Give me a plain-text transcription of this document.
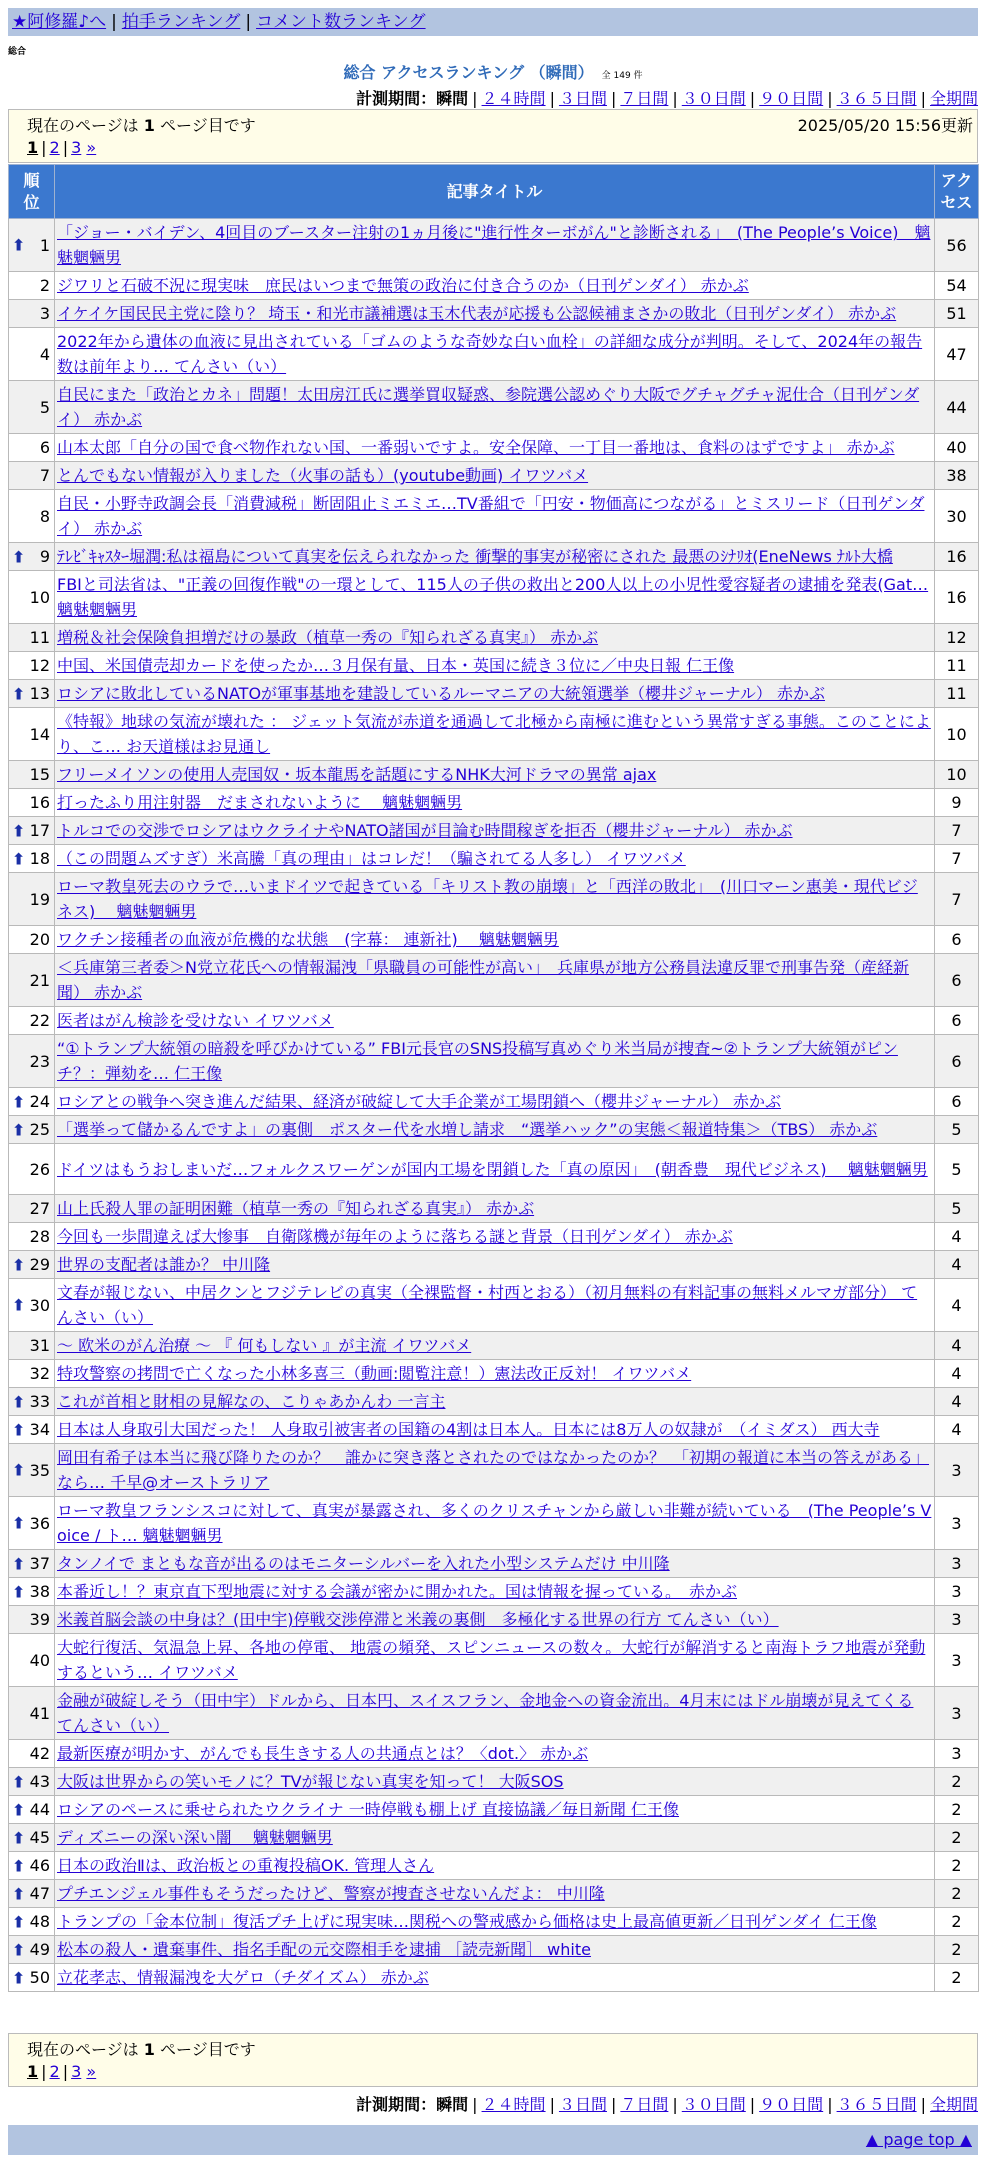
★阿修羅♪へ | 拍手ランキング | コメント数ランキング
総合
総合 アクセスランキング （瞬間） 全 149 件
計測期間：瞬間 | ２４時間 | ３日間 | ７日間 | ３０日間 | ９０日間 | ３６５日間 | 全期間
現在のページは 1 ページ目です	2025/05/20 15:56更新
1 | 2 | 3 »
順位	記事タイトル	アクセス

⬆ 1	「ジョー・バイデン、4回目のブースター注射の1ヵ月後に"進行性ターボがん"と診断される」　(The People’s Voice)　魑魅魍魎男	56
2	ジワリと石破不況に現実味　庶民はいつまで無策の政治に付き合うのか（日刊ゲンダイ） 赤かぶ	54
3	イケイケ国民民主党に陰り？ 埼玉・和光市議補選は玉木代表が応援も公認候補まさかの敗北（日刊ゲンダイ） 赤かぶ	51
4	2022年から遺体の血液に見出されている「ゴムのような奇妙な白い血栓」の詳細な成分が判明。そして、2024年の報告数は前年より… てんさい（い）	47
5	自民にまた「政治とカネ」問題！太田房江氏に選挙買収疑惑、参院選公認めぐり大阪でグチャグチャ泥仕合（日刊ゲンダイ） 赤かぶ	44
6	山本太郎「自分の国で食べ物作れない国、一番弱いですよ。安全保障、一丁目一番地は、食料のはずですよ」 赤かぶ	40
7	とんでもない情報が入りました（火事の話も）(youtube動画) イワツバメ	38
8	自民・小野寺政調会長「消費減税」断固阻止ミエミエ…TV番組で「円安・物価高につながる」とミスリード（日刊ゲンダイ） 赤かぶ	30

⬆ 9	ﾃﾚﾋﾞｷｬｽﾀｰ堀潤:私は福島について真実を伝えられなかった 衝撃的事実が秘密にされた 最悪のｼﾅﾘｵ(EneNews ﾅﾙﾄ大橋	16
10	FBIと司法省は、"正義の回復作戦"の一環として、115人の子供の救出と200人以上の小児性愛容疑者の逮捕を発表(Gat… 魑魅魍魎男	16
11	増税＆社会保険負担増だけの暴政（植草一秀の『知られざる真実』） 赤かぶ	12
12	中国、米国債売却カードを使ったか…３月保有量、日本・英国に続き３位に／中央日報 仁王像	11

⬆ 13	ロシアに敗北しているNATOが軍事基地を建設しているルーマニアの大統領選挙（櫻井ジャーナル） 赤かぶ	11
14	《特報》地球の気流が壊れた ： ジェット気流が赤道を通過して北極から南極に進むという異常すぎる事態。このことにより、こ… お天道様はお見通し	10
15	フリーメイソンの使用人売国奴・坂本龍馬を話題にするNHK大河ドラマの異常 ajax	10
16	打ったふり用注射器　だまされないように　 魑魅魍魎男	9

⬆ 17	トルコでの交渉でロシアはウクライナやNATO諸国が目論む時間稼ぎを拒否（櫻井ジャーナル） 赤かぶ	7

⬆ 18	（この問題ムズすぎ）米高騰「真の理由」はコレだ！（騙されてる人多し） イワツバメ	7
19	ローマ教皇死去のウラで…いまドイツで起きている「キリスト教の崩壊」と「西洋の敗北」　(川口マーン惠美・現代ビジネス)　 魑魅魍魎男	7
20	ワクチン接種者の血液が危機的な状態　(字幕： 連新社)　 魑魅魍魎男	6
21	＜兵庫第三者委＞N党立花氏への情報漏洩「県職員の可能性が高い」　兵庫県が地方公務員法違反罪で刑事告発（産経新聞） 赤かぶ	6
22	医者はがん検診を受けない イワツバメ	6
23	“①トランプ大統領の暗殺を呼びかけている” FBI元長官のSNS投稿写真めぐり米当局が捜査~②トランプ大統領がピンチ？：弾劾を… 仁王像	6

⬆ 24	ロシアとの戦争へ突き進んだ結果、経済が破綻して大手企業が工場閉鎖へ（櫻井ジャーナル） 赤かぶ	6

⬆ 25	「選挙って儲かるんですよ」の裏側　ポスター代を水増し請求　“選挙ハック”の実態＜報道特集＞（TBS） 赤かぶ	5
26	ドイツはもうおしまいだ…フォルクスワーゲンが国内工場を閉鎖した「真の原因」　(朝香豊　現代ビジネス)　 魑魅魍魎男	5
27	山上氏殺人罪の証明困難（植草一秀の『知られざる真実』） 赤かぶ	5
28	今回も一歩間違えば大惨事　自衛隊機が毎年のように落ちる謎と背景（日刊ゲンダイ） 赤かぶ	4

⬆ 29	世界の支配者は誰か？ 中川隆	4

⬆ 30	文春が報じない、中居クンとフジテレビの真実（全裸監督・村西とおる）（初月無料の有料記事の無料メルマガ部分） てんさい（い）	4
31	～ 欧米のがん治療 ～ 『 何もしない 』が主流 イワツバメ	4
32	特攻警察の拷問で亡くなった小林多喜三（動画:閲覧注意！）憲法改正反対！ イワツバメ	4

⬆ 33	これが首相と財相の見解なの、こりゃあかんわ 一言主	4

⬆ 34	日本は人身取引大国だった！ 人身取引被害者の国籍の4割は日本人。日本には8万人の奴隷が　（イミダス） 西大寺	4

⬆ 35	岡田有希子は本当に飛び降りたのか？　誰かに突き落とされたのではなかったのか？　「初期の報道に本当の答えがある」なら… 千早@オーストラリア	3

⬆ 36	ローマ教皇フランシスコに対して、真実が暴露され、多くのクリスチャンから厳しい非難が続いている　(The People’s Voice / ト… 魑魅魍魎男	3

⬆ 37	タンノイで まともな音が出るのはモニターシルバーを入れた小型システムだけ 中川隆	3

⬆ 38	本番近し！？東京直下型地震に対する会議が密かに開かれた。国は情報を握っている。　赤かぶ	3
39	米義首脳会談の中身は？(田中宇)停戦交渉停滞と米義の裏側　多極化する世界の行方 てんさい（い）	3
40	大蛇行復活、気温急上昇、各地の停電、 地震の頻発、スピンニュースの数々。大蛇行が解消すると南海トラフ地震が発動するという… イワツバメ	3
41	金融が破綻しそう（田中宇）ドルから、日本円、スイスフラン、金地金への資金流出。4月末にはドル崩壊が見えてくる てんさい（い）	3
42	最新医療が明かす、がんでも長生きする人の共通点とは？〈dot.〉 赤かぶ	3

⬆ 43	大阪は世界からの笑いモノに？TVが報じない真実を知って！ 大阪SOS	2

⬆ 44	ロシアのペースに乗せられたウクライナ 一時停戦も棚上げ 直接協議／毎日新聞 仁王像	2

⬆ 45	ディズニーの深い深い闇　 魑魅魍魎男	2

⬆ 46	日本の政治Ⅱは、政治板との重複投稿OK. 管理人さん	2

⬆ 47	プチエンジェル事件もそうだったけど、警察が捜査させないんだよ： 中川隆	2

⬆ 48	トランプの「金本位制」復活プチ上げに現実味…関税への警戒感から価格は史上最高値更新／日刊ゲンダイ 仁王像	2

⬆ 49	松本の殺人・遺棄事件、指名手配の元交際相手を逮捕 ［読売新聞］ white	2

⬆ 50	立花孝志、情報漏洩を大ゲロ（チダイズム） 赤かぶ	2
現在のページは 1 ページ目です
1 | 2 | 3 »
計測期間：瞬間 | ２４時間 | ３日間 | ７日間 | ３０日間 | ９０日間 | ３６５日間 | 全期間
▲ page top ▲
